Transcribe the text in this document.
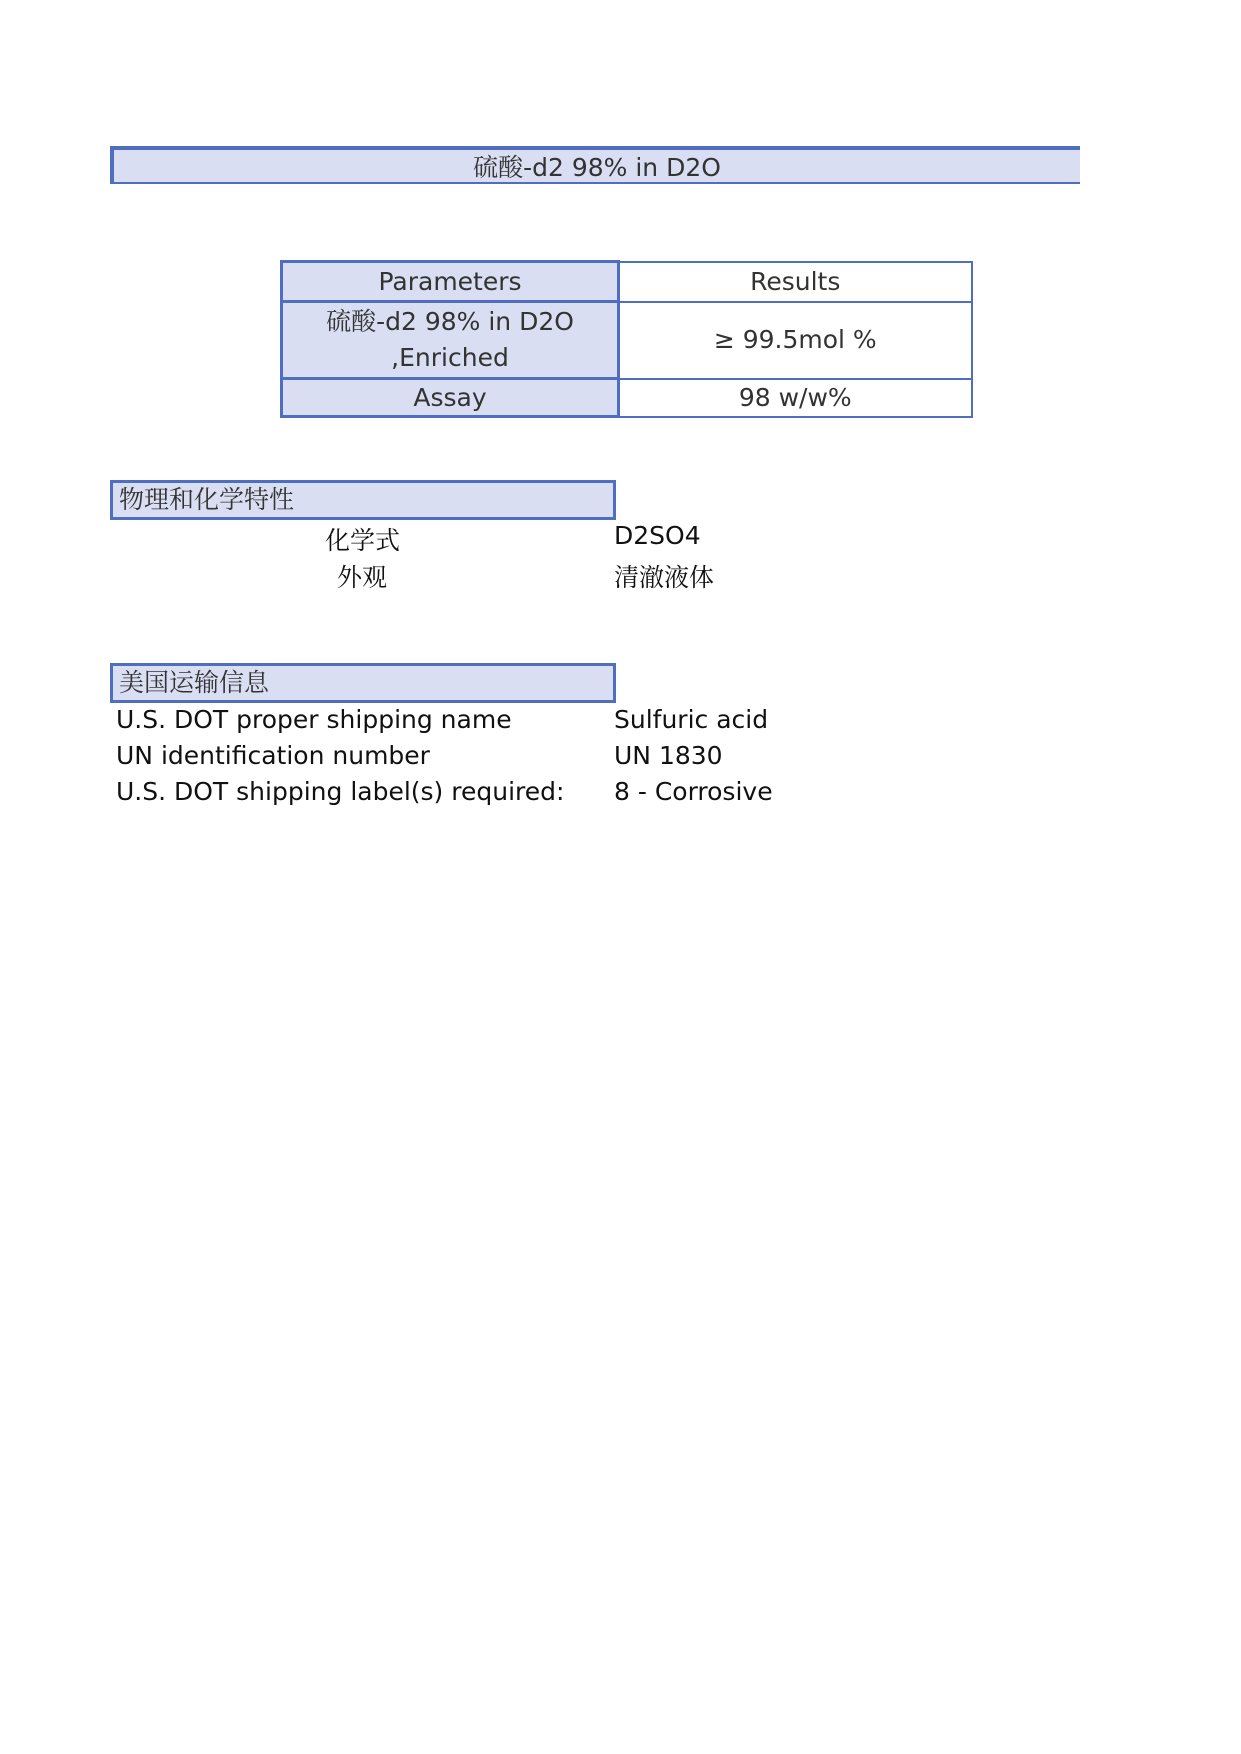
硫酸-d2 98% in D2O
Parameters	Results

硫酸-d2 98% in D2O
,Enriched	≥ 99.5mol %
Assay	98 w/w%
物理和化学特性
化学式	D2SO4
外观	清澈液体
美国运输信息
U.S. DOT proper shipping name	Sulfuric acid
UN identification number	UN 1830
U.S. DOT shipping label(s) required: 8 - Corrosive
